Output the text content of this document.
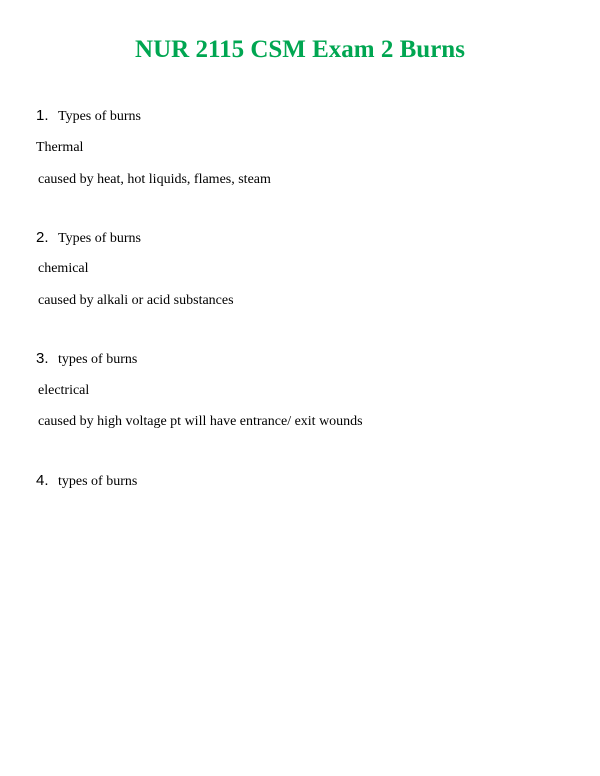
NUR 2115 CSM Exam 2 Burns
1. Types of burns
Thermal
caused by heat, hot liquids, flames, steam
2. Types of burns
chemical
caused by alkali or acid substances
3. types of burns
electrical
caused by high voltage pt will have entrance/ exit wounds
4. types of burns
